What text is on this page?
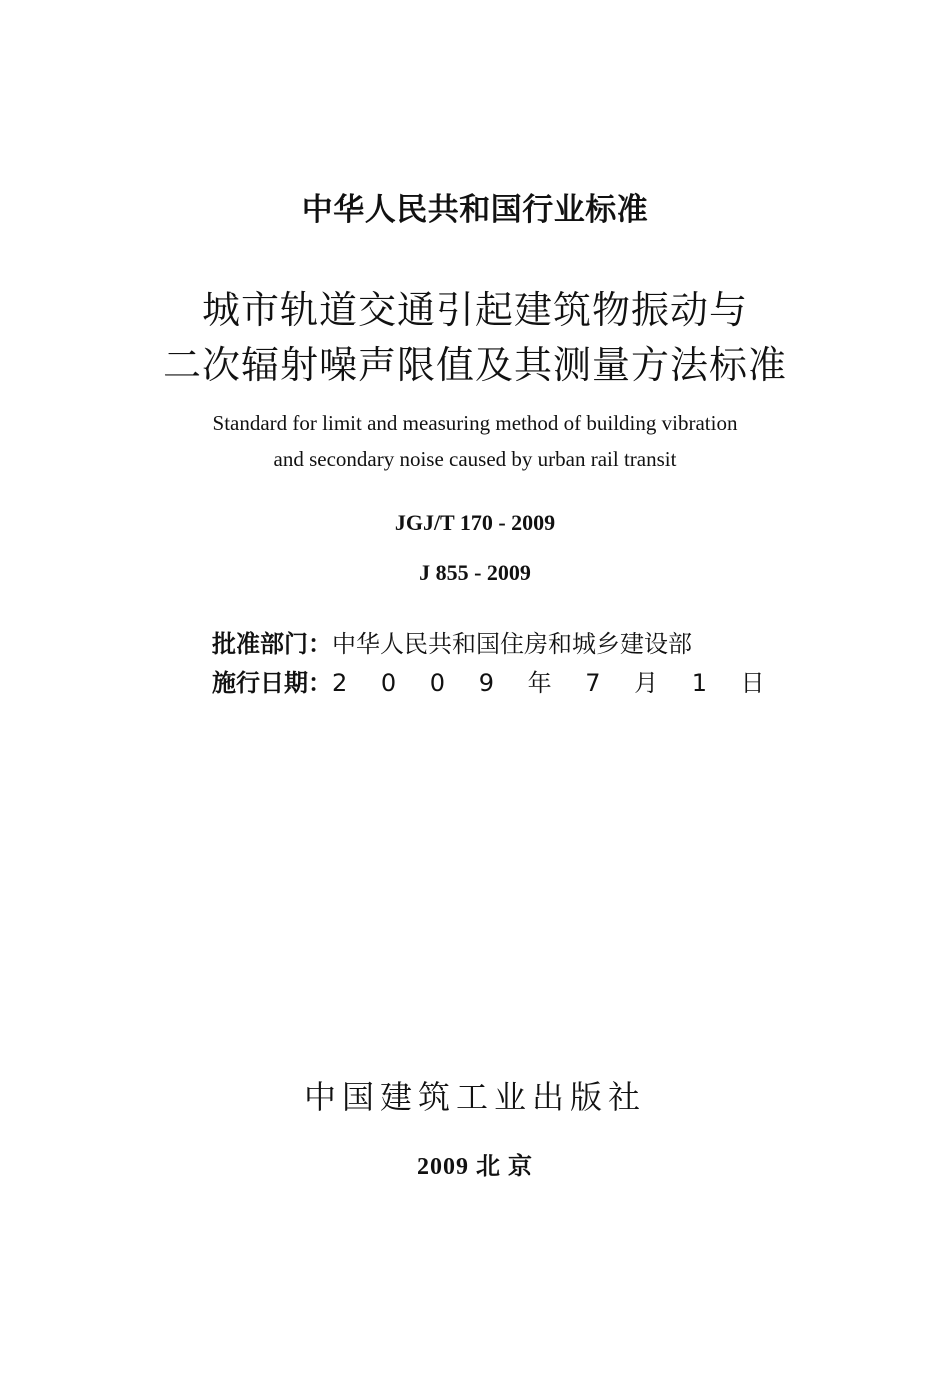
中华人民共和国行业标准
城市轨道交通引起建筑物振动与
二次辐射噪声限值及其测量方法标准
Standard for limit and measuring method of building vibration
and secondary noise caused by urban rail transit
JGJ/T 170 - 2009
J 855 - 2009
批准部门：中华人民共和国住房和城乡建设部
施行日期：2 0 0 9 年 7 月 1 日
中国建筑工业出版社
2009 北 京
